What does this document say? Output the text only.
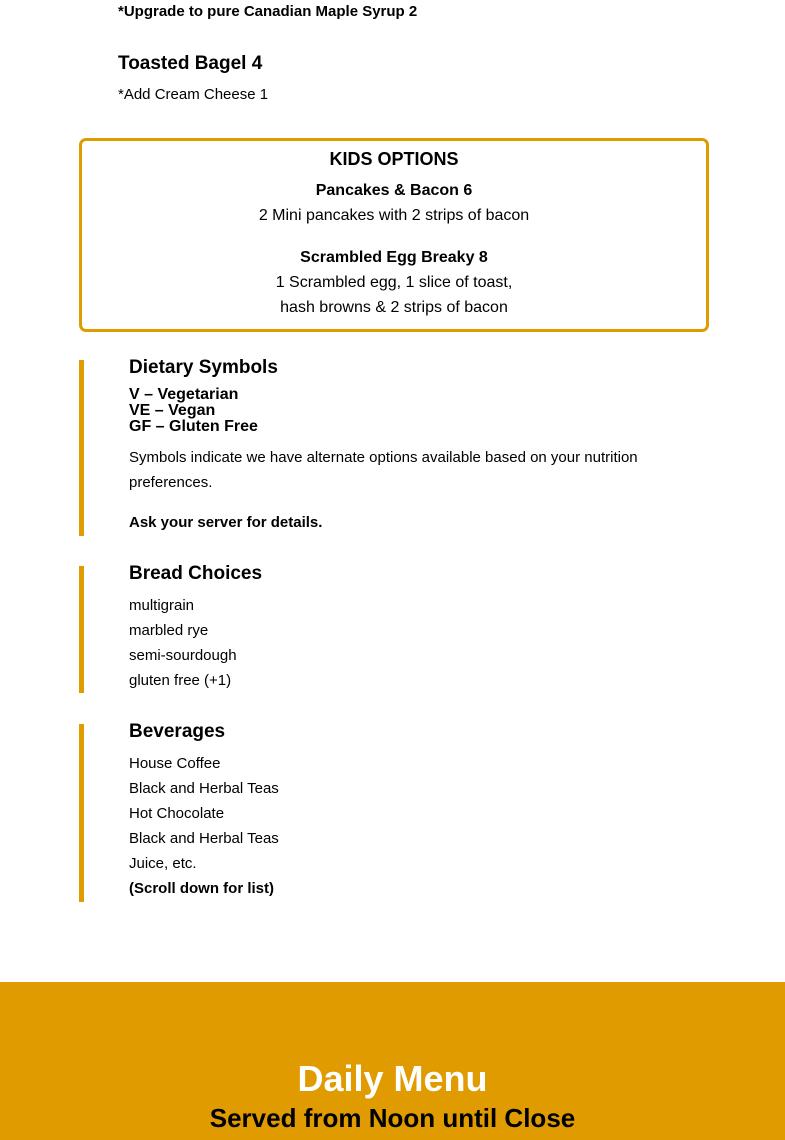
*Upgrade to pure Canadian Maple Syrup 2
Toasted Bagel 4
*Add Cream Cheese 1
KIDS OPTIONS
Pancakes & Bacon 6
2 Mini pancakes with 2 strips of bacon
Scrambled Egg Breaky 8
1 Scrambled egg, 1 slice of toast,
hash browns & 2 strips of bacon
Dietary Symbols
V – Vegetarian
VE – Vegan
GF – Gluten Free
Symbols indicate we have alternate options available based on your nutrition
preferences.
Ask your server for details.
Bread Choices
multigrain
marbled rye
semi-sourdough
gluten free (+1)
Beverages
House Coffee
Black and Herbal Teas
Hot Chocolate
Black and Herbal Teas
Juice, etc.
(Scroll down for list)
Daily Menu
Served from Noon until Close
